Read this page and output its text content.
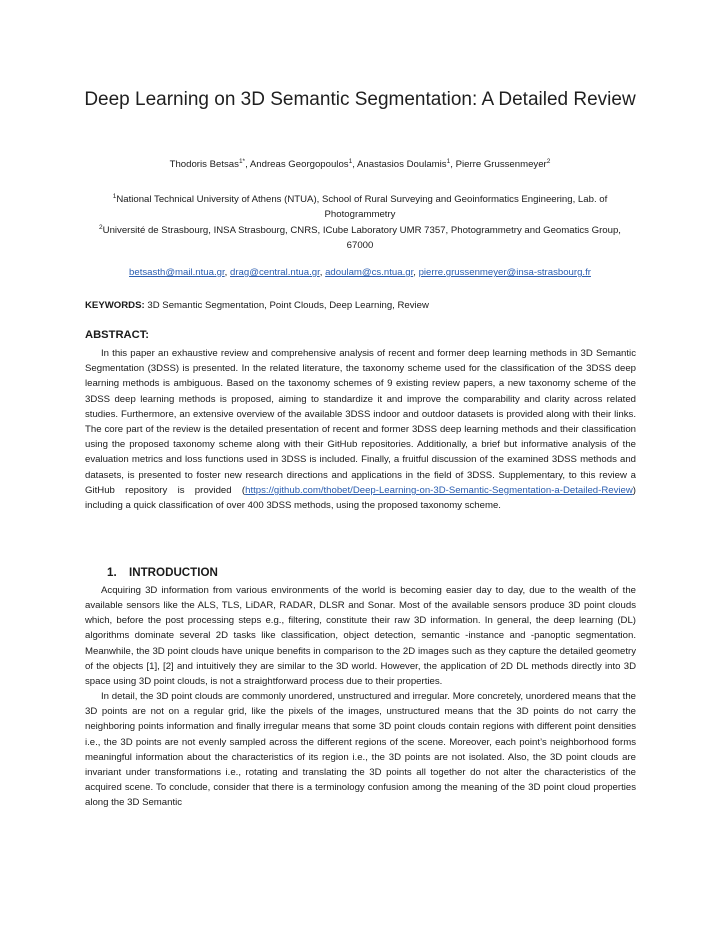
Deep Learning on 3D Semantic Segmentation: A Detailed Review
Thodoris Betsas$^{1*}$, Andreas Georgopoulos$^1$, Anastasios Doulamis$^1$, Pierre Grussenmeyer$^2$
$^1$National Technical University of Athens (NTUA), School of Rural Surveying and Geoinformatics Engineering, Lab. of Photogrammetry
$^2$Université de Strasbourg, INSA Strasbourg, CNRS, ICube Laboratory UMR 7357, Photogrammetry and Geomatics Group, 67000
betsasth@mail.ntua.gr, drag@central.ntua.gr, adoulam@cs.ntua.gr, pierre.grussenmeyer@insa-strasbourg.fr
KEYWORDS: 3D Semantic Segmentation, Point Clouds, Deep Learning, Review
ABSTRACT:

In this paper an exhaustive review and comprehensive analysis of recent and former deep learning methods in 3D Semantic Segmentation (3DSS) is presented. In the related literature, the taxonomy scheme used for the classification of the 3DSS deep learning methods is ambiguous. Based on the taxonomy schemes of 9 existing review papers, a new taxonomy scheme of the 3DSS deep learning methods is proposed, aiming to standardize it and improve the comparability and clarity across related studies. Furthermore, an extensive overview of the available 3DSS indoor and outdoor datasets is provided along with their links. The core part of the review is the detailed presentation of recent and former 3DSS deep learning methods and their classification using the proposed taxonomy scheme along with their GitHub repositories. Additionally, a brief but informative analysis of the evaluation metrics and loss functions used in 3DSS is included. Finally, a fruitful discussion of the examined 3DSS methods and datasets, is presented to foster new research directions and applications in the field of 3DSS. Supplementary, to this review a GitHub repository is provided (https://github.com/thobet/Deep-Learning-on-3D-Semantic-Segmentation-a-Detailed-Review) including a quick classification of over 400 3DSS methods, using the proposed taxonomy scheme.

1. INTRODUCTION

Acquiring 3D information from various environments of the world is becoming easier day to day, due to the wealth of the available sensors like the ALS, TLS, LiDAR, RADAR, DLSR and Sonar. Most of the available sensors produce 3D point clouds which, before the post processing steps e.g., filtering, constitute their raw 3D information. In general, the deep learning (DL) algorithms dominate several 2D tasks like classification, object detection, semantic -instance and -panoptic segmentation. Meanwhile, the 3D point clouds have unique benefits in comparison to the 2D images such as they capture the detailed geometry of the objects [1], [2] and intuitively they are similar to the 3D world. However, the application of 2D DL methods directly into 3D space using 3D point clouds, is not a straightforward process due to their properties.

In detail, the 3D point clouds are commonly unordered, unstructured and irregular. More concretely, unordered means that the 3D points are not on a regular grid, like the pixels of the images, unstructured means that the 3D points do not carry the neighboring points information and finally irregular means that some 3D point clouds contain regions with different point densities i.e., the 3D points are not evenly sampled across the different regions of the scene. Moreover, each point’s neighborhood forms meaningful information about the characteristics of its region i.e., the 3D points are not isolated. Also, the 3D point clouds are invariant under transformations i.e., rotating and translating the 3D points all together do not alter the characteristics of the acquired scene. To conclude, consider that there is a terminology confusion among the meaning of the 3D point cloud properties along the 3D Semantic
